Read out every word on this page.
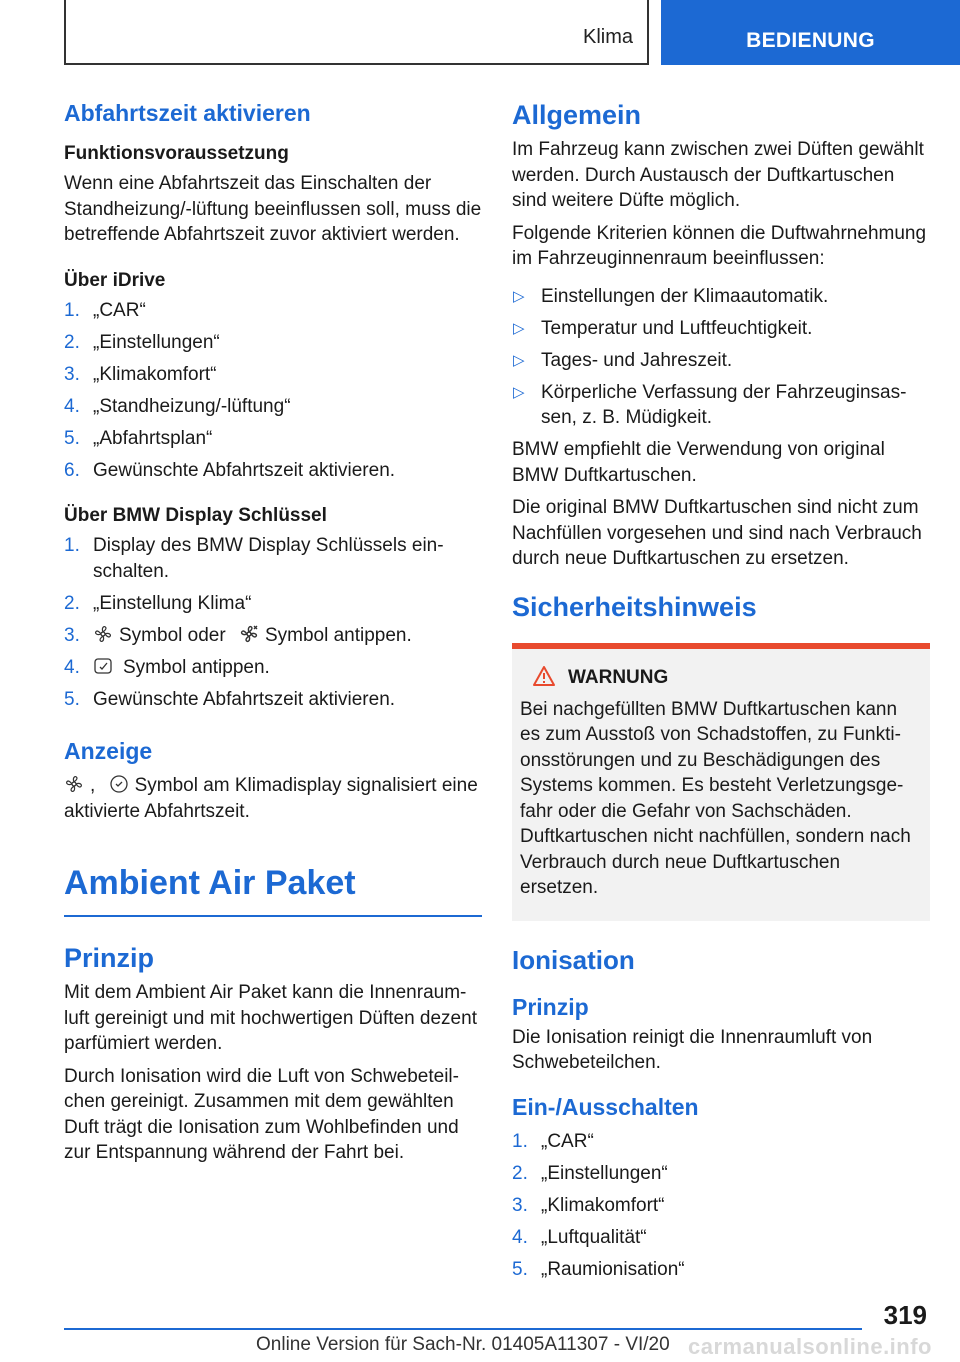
Klima	BEDIENUNG
Abfahrtszeit aktivieren
Funktionsvoraussetzung

Wenn eine Abfahrtszeit das Einschalten der Standheizung/-lüftung beeinflussen soll, muss die betreffende Abfahrtszeit zuvor aktiviert werden.

Über iDrive
1. „CAR“
2. „Einstellungen“
3. „Klimakomfort“
4. „Standheizung/-lüftung“
5. „Abfahrtsplan“
6. Gewünschte Abfahrtszeit aktivieren.
Über BMW Display Schlüssel
1. Display des BMW Display Schlüssels einschalten.
2. „Einstellung Klima“
3. Symbol oder Symbol antippen.
4. Symbol antippen.
5. Gewünschte Abfahrtszeit aktivieren.
Anzeige

, Symbol am Klimadisplay signalisiert eine aktivierte Abfahrtszeit.

Ambient Air Paket
Prinzip

Mit dem Ambient Air Paket kann die Innenraumluft gereinigt und mit hochwertigen Düften dezent parfümiert werden.

Durch Ionisation wird die Luft von Schwebeteilchen gereinigt. Zusammen mit dem gewählten Duft trägt die Ionisation zum Wohlbefinden und zur Entspannung während der Fahrt bei.

Allgemein

Im Fahrzeug kann zwischen zwei Düften gewählt werden. Durch Austausch der Duftkartuschen sind weitere Düfte möglich.

Folgende Kriterien können die Duftwahrnehmung im Fahrzeuginnenraum beeinflussen:

▷ Einstellungen der Klimaautomatik.
▷ Temperatur und Luftfeuchtigkeit.
▷ Tages- und Jahreszeit.
▷ Körperliche Verfassung der Fahrzeuginsassen, z. B. Müdigkeit.

BMW empfiehlt die Verwendung von original BMW Duftkartuschen.

Die original BMW Duftkartuschen sind nicht zum Nachfüllen vorgesehen und sind nach Verbrauch durch neue Duftkartuschen zu ersetzen.

Sicherheitshinweis
WARNUNG
Bei nachgefüllten BMW Duftkartuschen kann es zum Ausstoß von Schadstoffen, zu Funktionsstörungen und zu Beschädigungen des Systems kommen. Es besteht Verletzungsgefahr oder die Gefahr von Sachschäden. Duftkartuschen nicht nachfüllen, sondern nach Verbrauch durch neue Duftkartuschen ersetzen.
Ionisation
Prinzip

Die Ionisation reinigt die Innenraumluft von Schwebeteilchen.

Ein-/Ausschalten
1. „CAR“
2. „Einstellungen“
3. „Klimakomfort“
4. „Luftqualität“
5. „Raumionisation“
319
Online Version für Sach-Nr. 01405A11307 - VI/20 carmanualsonline.info
